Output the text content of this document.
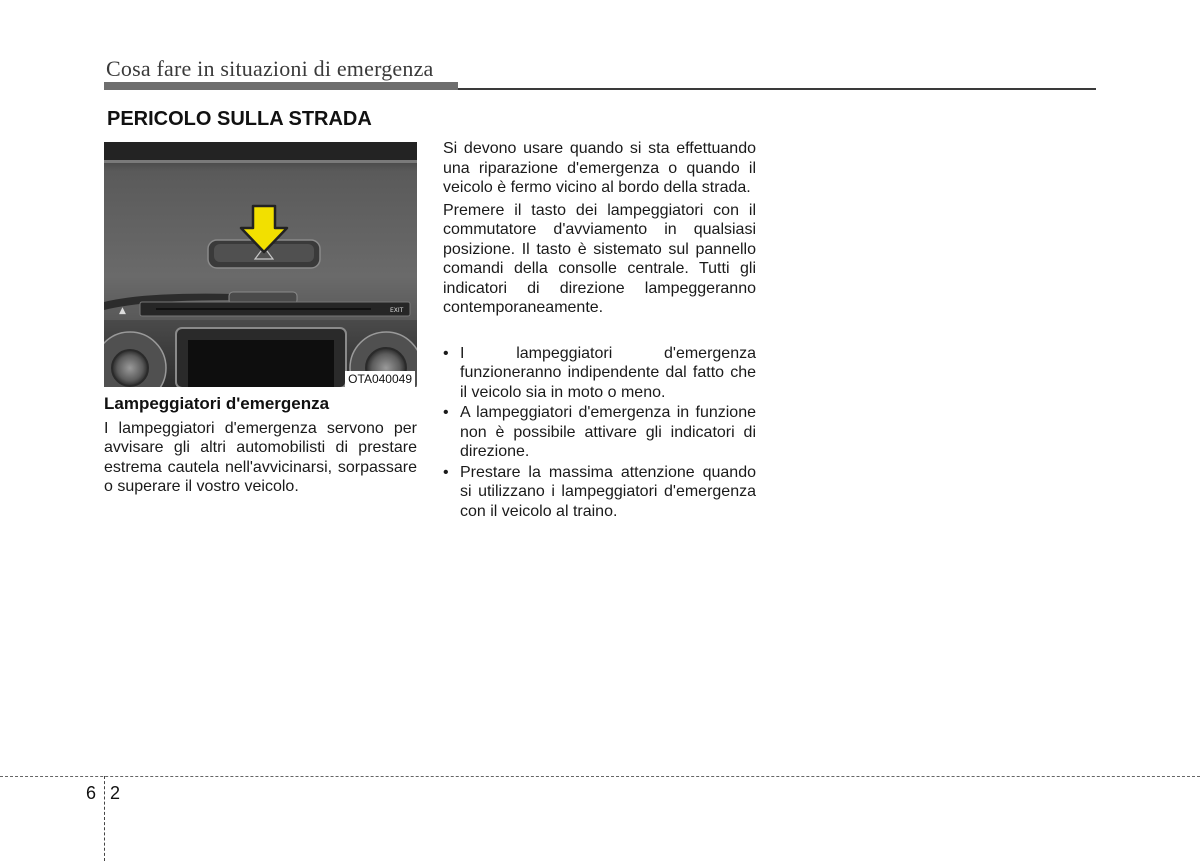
Cosa fare in situazioni di emergenza
PERICOLO SULLA STRADA
▲	EXIT
OTA040049
Lampeggiatori d'emergenza

I lampeggiatori d'emergenza servono per avvisare gli altri automobilisti di prestare estrema cautela nell'avvicinarsi, sorpassare o superare il vostro veicolo.

Si devono usare quando si sta effettuando una riparazione d'emergenza o quando il veicolo è fermo vicino al bordo della strada.

Premere il tasto dei lampeggiatori con il commutatore d'avviamento in qualsiasi posizione. Il tasto è sistemato sul pannello comandi della consolle centrale. Tutti gli indicatori di direzione lampeggeranno contemporaneamente.

• I lampeggiatori d'emergenza funzioneranno indipendente dal fatto che il veicolo sia in moto o meno.
• A lampeggiatori d'emergenza in funzione non è possibile attivare gli indicatori di direzione.
• Prestare la massima attenzione quando si utilizzano i lampeggiatori d'emergenza con il veicolo al traino.
6 2
